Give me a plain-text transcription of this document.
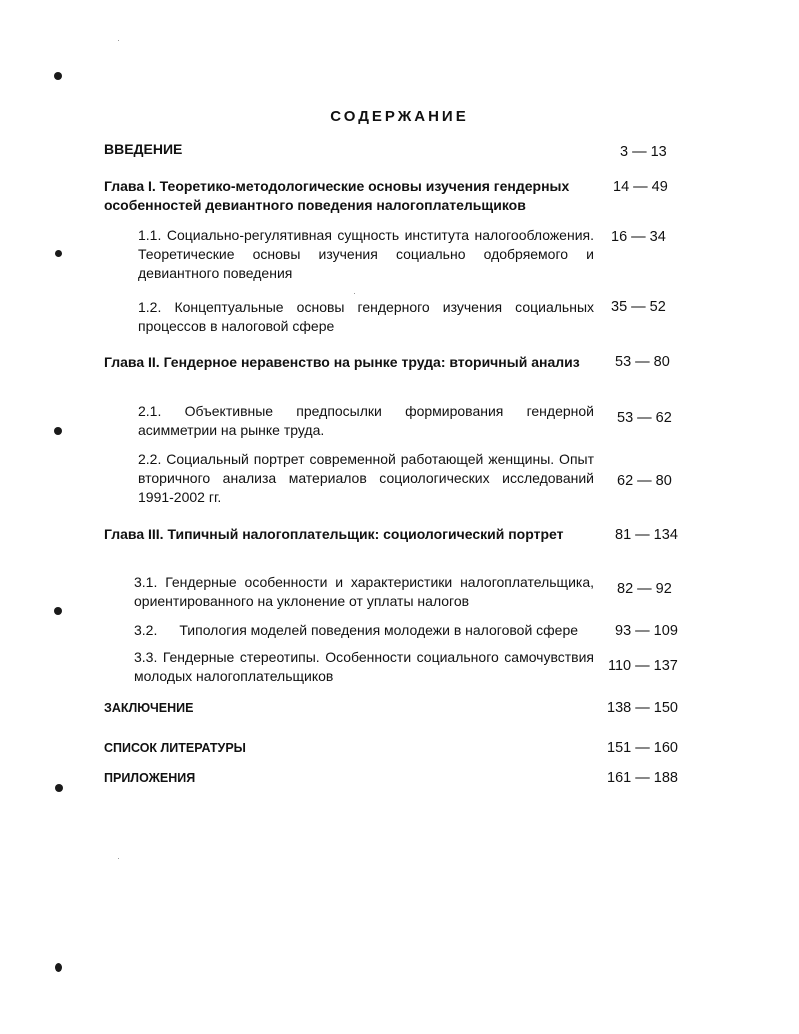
СОДЕРЖАНИЕ
ВВЕДЕНИЕ	3 — 13
Глава I. Теоретико-методологические основы изучения гендерных особенностей девиантного поведения налогоплательщиков
14 — 49
1.1. Социально-регулятивная сущность института налогообложения. Теоретические основы изучения социально одобряемого и девиантного поведения
16 — 34
1.2. Концептуальные основы гендерного изучения социальных процессов в налоговой сфере
35 — 52
Глава II. Гендерное неравенство на рынке труда: вторичный анализ 53 — 80
2.1. Объективные предпосылки формирования гендерной асимметрии на рынке труда.
53 — 62
2.2. Социальный портрет современной работающей женщины. Опыт вторичного анализа материалов социологических исследований 1991-2002 гг.
62 — 80
Глава III. Типичный налогоплательщик: социологический портрет	81 — 134
3.1. Гендерные особенности и характеристики налогоплательщика, ориентированного на уклонение от уплаты налогов
82 — 92
3.2. Типология моделей поведения молодежи в налоговой сфере	93 — 109
3.3. Гендерные стереотипы. Особенности социального самочувствия молодых налогоплательщиков
110 — 137
ЗАКЛЮЧЕНИЕ	138 — 150
СПИСОК ЛИТЕРАТУРЫ	151 — 160
ПРИЛОЖЕНИЯ	161 — 188
